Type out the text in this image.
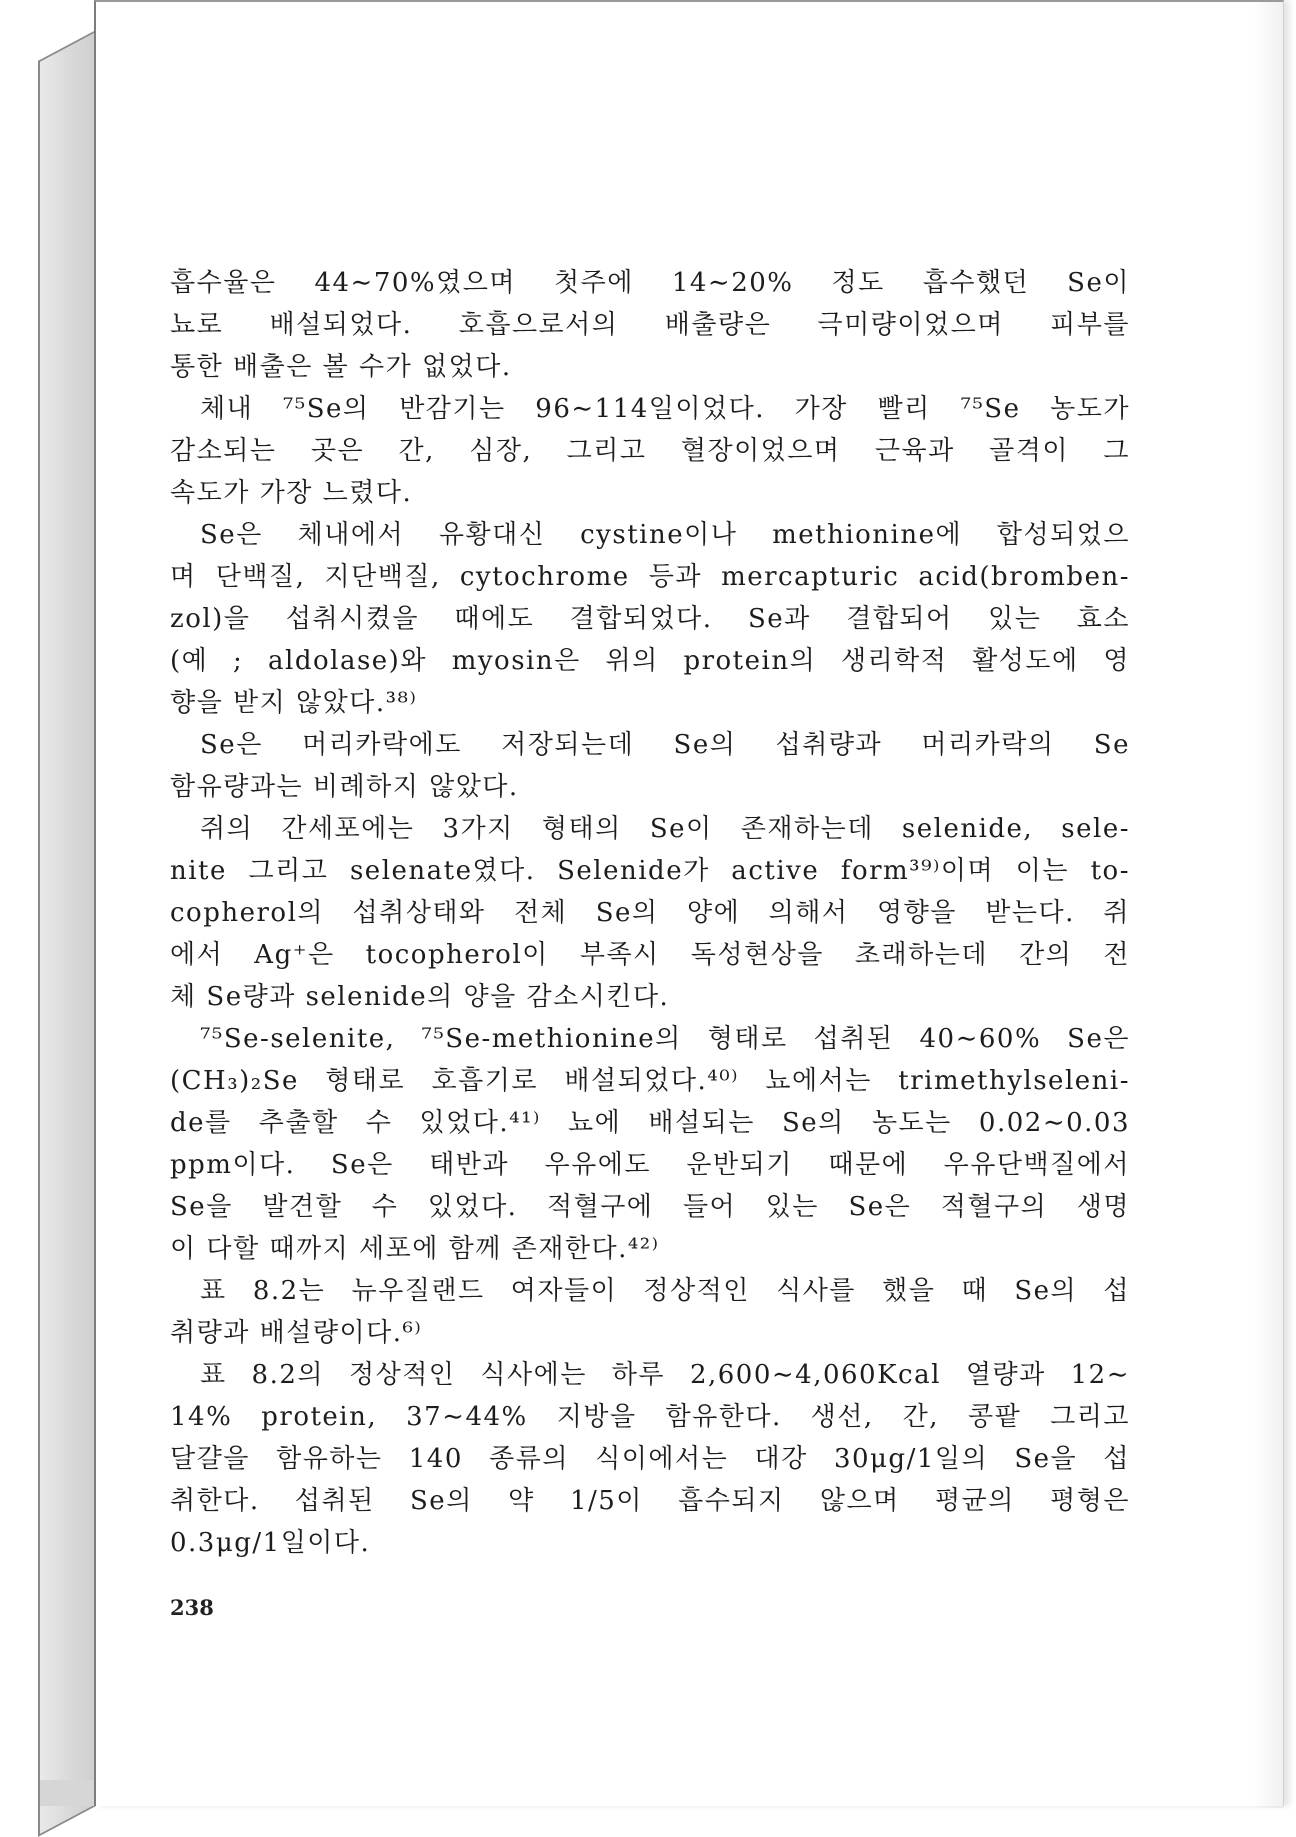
흡수율은 44∼70%였으며 첫주에 14∼20% 정도 흡수했던 Se이
뇨로 배설되었다. 호흡으로서의 배출량은 극미량이었으며 피부를
통한 배출은 볼 수가 없었다.
체내 ⁷⁵Se의 반감기는 96∼114일이었다. 가장 빨리 ⁷⁵Se 농도가
감소되는 곳은 간, 심장, 그리고 혈장이었으며 근육과 골격이 그
속도가 가장 느렸다.
Se은 체내에서 유황대신 cystine이나 methionine에 합성되었으
며 단백질, 지단백질, cytochrome 등과 mercapturic acid(bromben-
zol)을 섭취시켰을 때에도 결합되었다. Se과 결합되어 있는 효소
(예 ; aldolase)와 myosin은 위의 protein의 생리학적 활성도에 영
향을 받지 않았다.³⁸⁾
Se은 머리카락에도 저장되는데 Se의 섭취량과 머리카락의 Se
함유량과는 비례하지 않았다.
쥐의 간세포에는 3가지 형태의 Se이 존재하는데 selenide, sele-
nite 그리고 selenate였다. Selenide가 active form³⁹⁾이며 이는 to-
copherol의 섭취상태와 전체 Se의 양에 의해서 영향을 받는다. 쥐
에서 Ag⁺은 tocopherol이 부족시 독성현상을 초래하는데 간의 전
체 Se량과 selenide의 양을 감소시킨다.
⁷⁵Se-selenite, ⁷⁵Se-methionine의 형태로 섭취된 40∼60% Se은
(CH₃)₂Se 형태로 호흡기로 배설되었다.⁴⁰⁾ 뇨에서는 trimethylseleni-
de를 추출할 수 있었다.⁴¹⁾ 뇨에 배설되는 Se의 농도는 0.02∼0.03
ppm이다. Se은 태반과 우유에도 운반되기 때문에 우유단백질에서
Se을 발견할 수 있었다. 적혈구에 들어 있는 Se은 적혈구의 생명
이 다할 때까지 세포에 함께 존재한다.⁴²⁾
표 8.2는 뉴우질랜드 여자들이 정상적인 식사를 했을 때 Se의 섭
취량과 배설량이다.⁶⁾
표 8.2의 정상적인 식사에는 하루 2,600∼4,060Kcal 열량과 12∼
14% protein, 37∼44% 지방을 함유한다. 생선, 간, 콩팥 그리고
달걀을 함유하는 140 종류의 식이에서는 대강 30μg/1일의 Se을 섭
취한다. 섭취된 Se의 약 1/5이 흡수되지 않으며 평균의 평형은
0.3μg/1일이다.
238
